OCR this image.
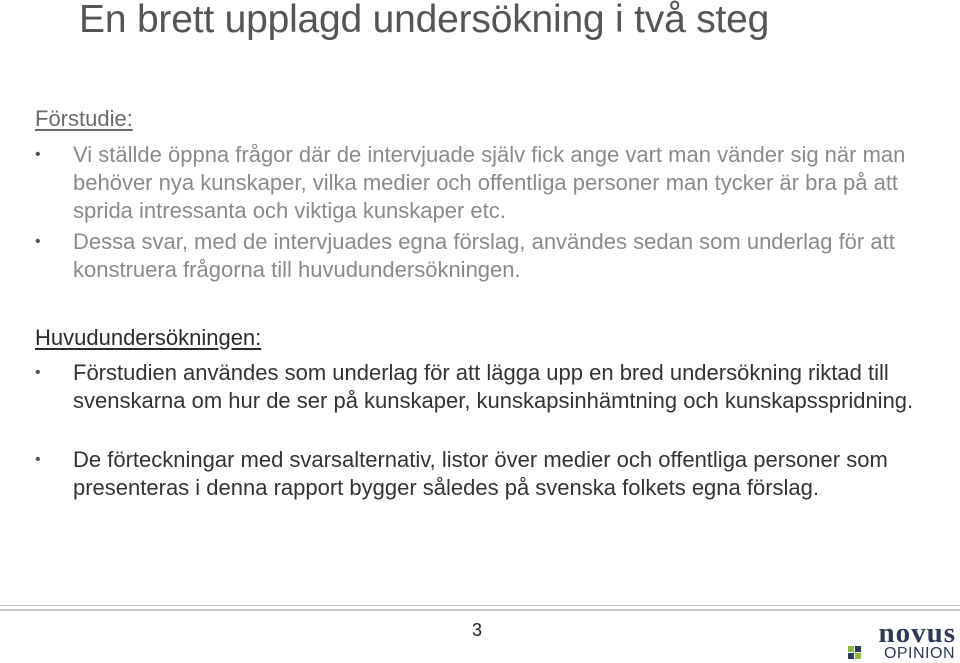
En brett upplagd undersökning i två steg
Förstudie:
•	Vi ställde öppna frågor där de intervjuade själv fick ange vart man vänder sig när man behöver nya kunskaper, vilka medier och offentliga personer man tycker är bra på att sprida intressanta och viktiga kunskaper etc.
•	Dessa svar, med de intervjuades egna förslag, användes sedan som underlag för att konstruera frågorna till huvudundersökningen.
Huvudundersökningen:
•	Förstudien användes som underlag för att lägga upp en bred undersökning riktad till svenskarna om hur de ser på kunskaper, kunskapsinhämtning och kunskapsspridning.
•	De förteckningar med svarsalternativ, listor över medier och offentliga personer som presenteras i denna rapport bygger således på svenska folkets egna förslag.
3	novus
OPINION
